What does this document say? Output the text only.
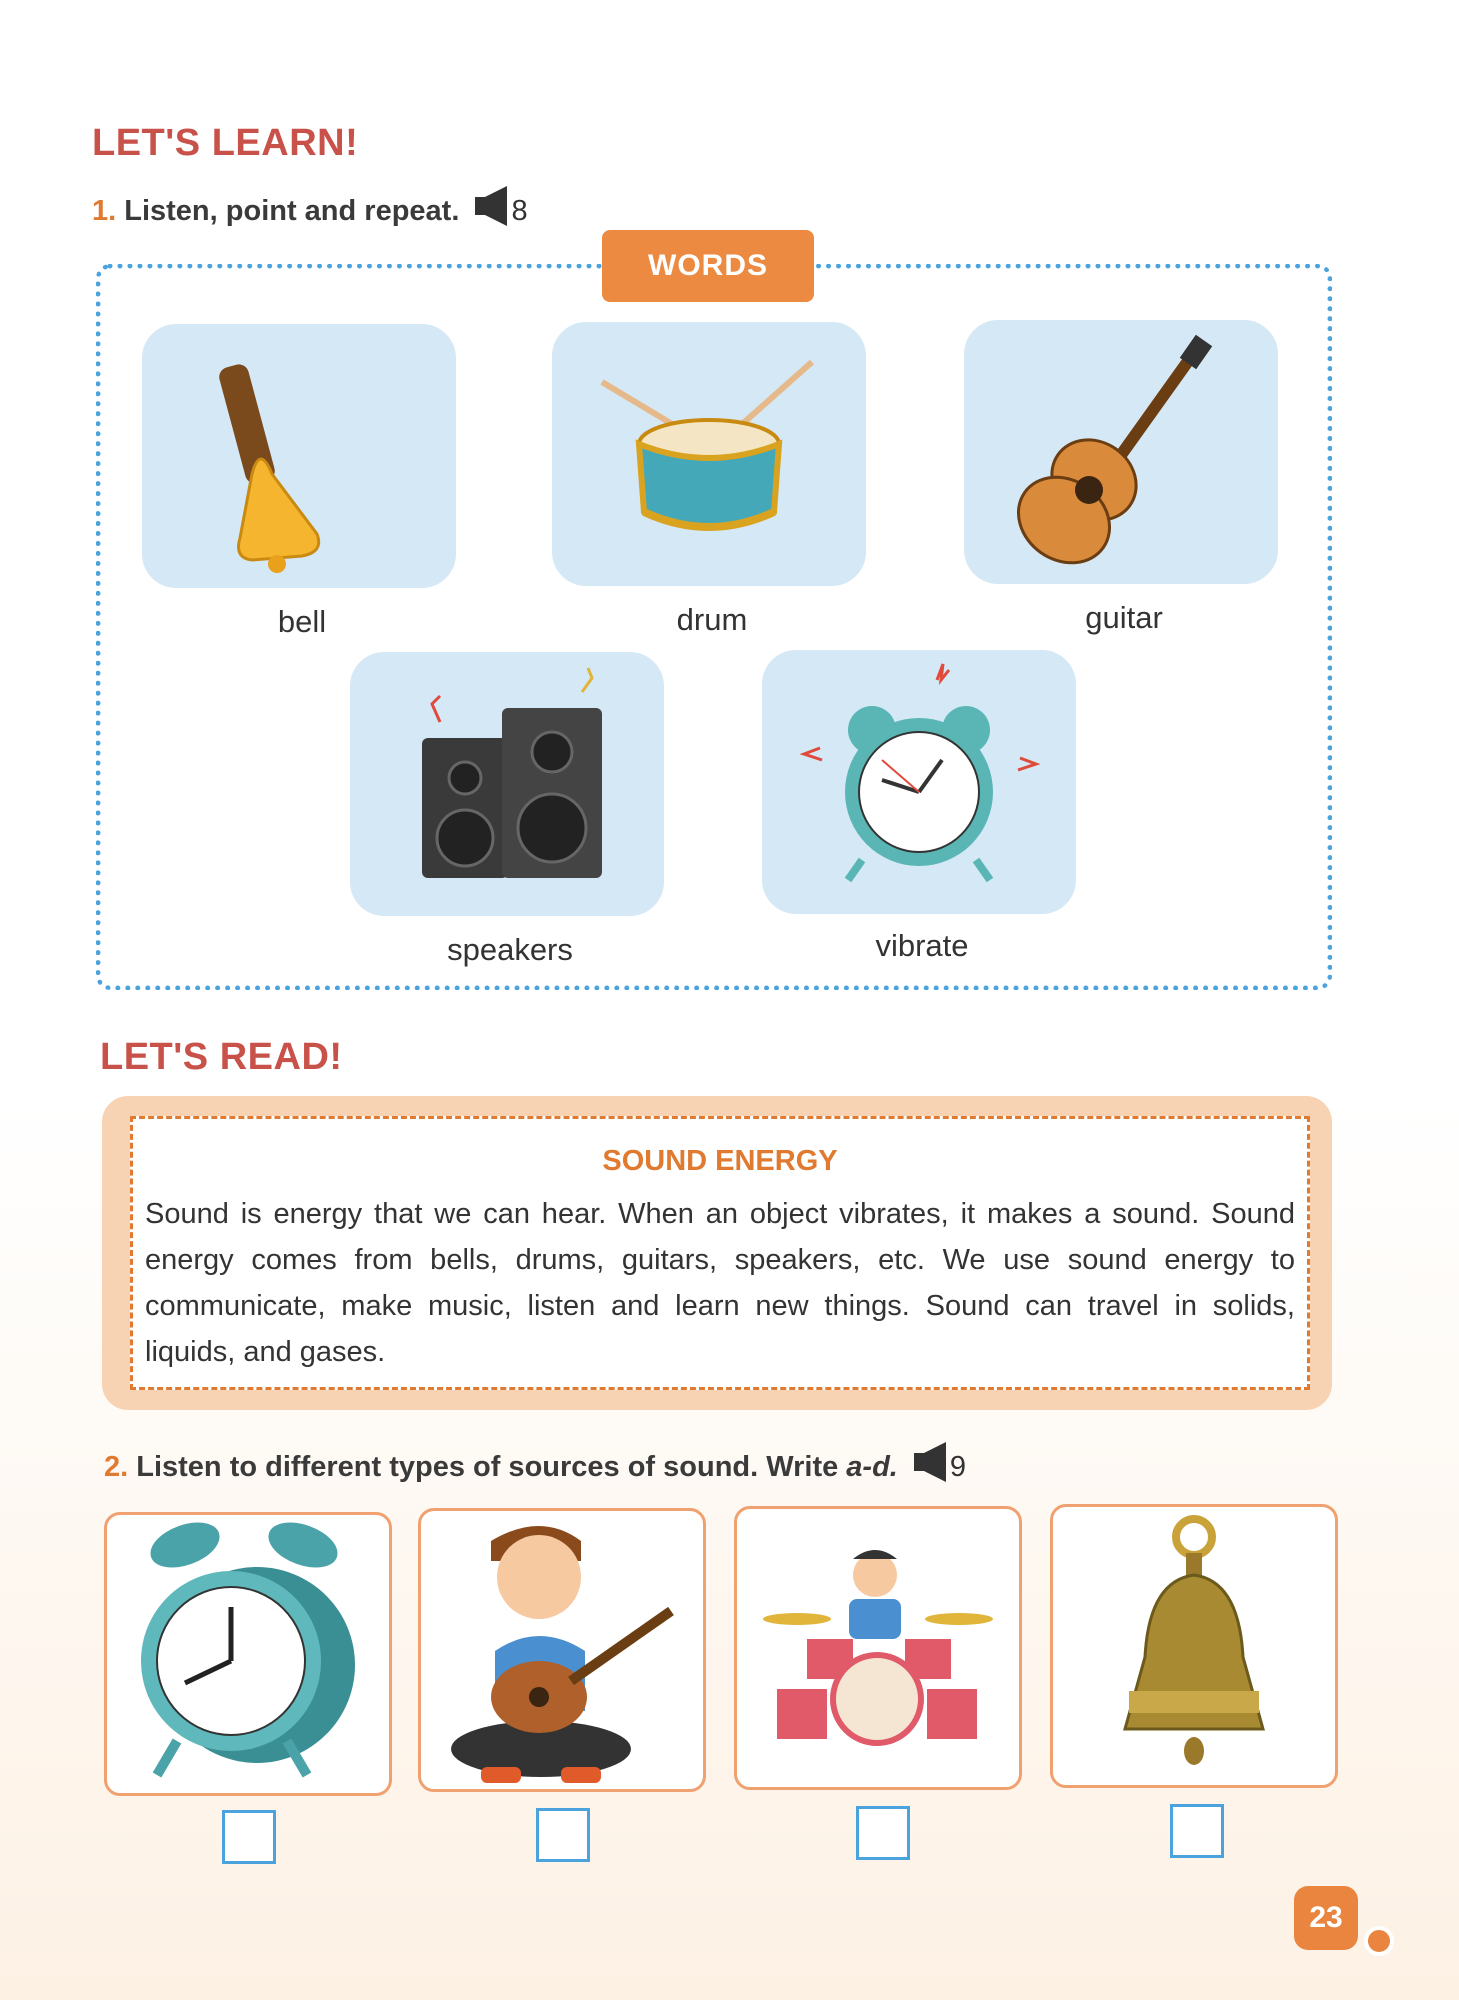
LET'S LEARN!
1. Listen, point and repeat. 8
WORDS
bell	drum	guitar
speakers	vibrate
LET'S READ!
SOUND ENERGY
Sound is energy that we can hear. When an object vibrates, it makes a sound. Sound energy comes from bells, drums, guitars, speakers, etc. We use sound energy to communicate, make music, listen and learn new things. Sound can travel in solids, liquids, and gases.
2. Listen to different types of sources of sound. Write a-d. 9
23
